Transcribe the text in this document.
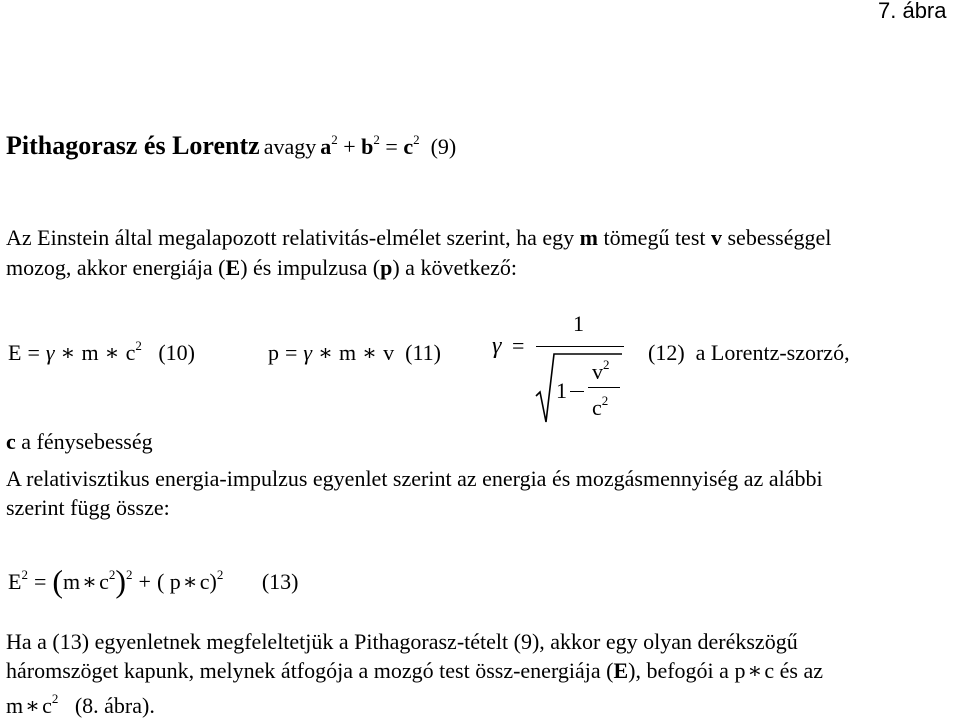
7. ábra
Pithagorasz és Lorentz avagy $a^2 + b^2 = c^2$ (9)
Az Einstein által megalapozott relativitás-elmélet szerint, ha egy m tömegű test v sebességgel
mozog, akkor energiája (E) és impulzusa (p) a következő:
E = γ ∗ m ∗ $c^2$ (10)	p = γ ∗ m ∗ v (11) γ =
1
1
$v^2$
$c^2$
(12) a Lorentz-szorzó,
c a fénysebesség
A relativisztikus energia-impulzus egyenlet szerint az energia és mozgásmennyiség az alábbi
szerint függ össze:
$E^2$ = $(m∗c^2)^2$ + ( p∗c)$^2$ (13)
Ha a (13) egyenletnek megfeleltetjük a Pithagorasz-tételt (9), akkor egy olyan derékszögű
háromszöget kapunk, melynek átfogója a mozgó test össz-energiája (E), befogói a p∗c és az
$m∗c^2$ (8. ábra).
